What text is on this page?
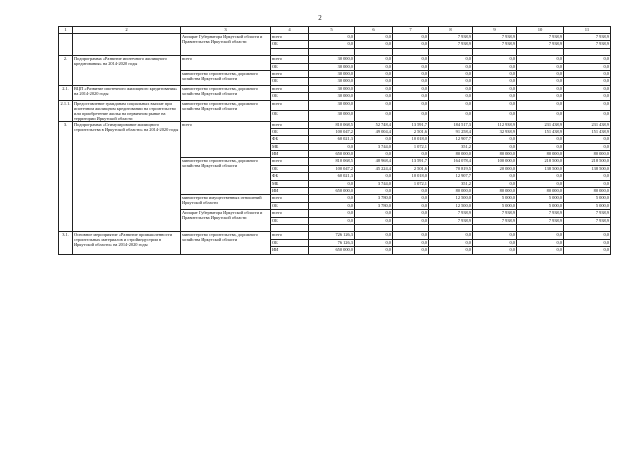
2
1	2	3	4	5	6	7	8	9	10	11
		Аппарат Губернатора Иркутской области и Правительства Иркутской области	всего	0,0	0,0	0,0	7 938,9	7 938,9	7 938,9	7 938,9
			ОБ	0,0	0,0	0,0	7 938,9	7 938,9	7 938,9	7 938,9

2.	Подпрограмма «Развитие ипотечного жилищного кредитования» на 2014-2020 годы	всего	всего	30 000,0	0,0	0,0	0,0	0,0	0,0	0,0
			ОБ	30 000,0	0,0	0,0	0,0	0,0	0,0	0,0
		министерство строительства, дорожного хозяйства Иркутской области	всего	30 000,0	0,0	0,0	0,0	0,0	0,0	0,0
			ОБ	30 000,0	0,0	0,0	0,0	0,0	0,0	0,0
2.1.	ВЦП «Развитие ипотечного жилищного кредитования» на 2014-2020 годы	министерство строительства, дорожного хозяйства Иркутской области	всего	30 000,0	0,0	0,0	0,0	0,0	0,0	0,0
			ОБ	30 000,0	0,0	0,0	0,0	0,0	0,0	0,0
2.1.1.	Предоставление гражданам социальных выплат при ипотечном жилищном кредитовании на строительство или приобретение жилья на первичном рынке на территории Иркутской области	министерство строительства, дорожного хозяйства Иркутской области	всего	30 000,0	0,0	0,0	0,0	0,0	0,0	0,0
			ОБ	30 000,0	0,0	0,0	0,0	0,0	0,0	0,0
3.	Подпрограмма «Стимулирование жилищного строительства в Иркутской области» на 2014-2020 годы	всего	всего	810 068,5	52 748,4	13 591,7	184 517,3	112 938,9	231 438,9	231 438,9
			ОБ	100 047,2	49 004,4	2 501,6	91 258,4	32 938,9	151 438,9	151 438,9
			ФБ	60 021,3	0,0	10 018,0	12 907,7	0,0	0,0	0,0
			МБ	0,0	3 744,0	1 072,1	351,2	0,0	0,0	0,0
			ИИ	650 000,0	0,0	0,0	80 000,0	80 000,0	80 000,0	80 000,0
		министерство строительства, дорожного хозяйства Иркутской области	всего	810 068,5	48 968,4	13 591,7	164 078,4	100 000,0	218 500,0	218 500,0
			ОБ	100 047,2	45 224,4	2 501,6	70 819,5	20 000,0	138 500,0	138 500,0
			ФБ	60 021,3	0,0	10 018,0	12 907,7	0,0	0,0	0,0
			МБ	0,0	3 744,0	1 072,1	351,2	0,0	0,0	0,0
			ИИ	650 000,0	0,0	0,0	80 000,0	80 000,0	80 000,0	80 000,0
		министерство имущественных отношений Иркутской области	всего	0,0	3 780,0	0,0	12 500,0	5 000,0	5 000,0	5 000,0
			ОБ	0,0	3 780,0	0,0	12 500,0	5 000,0	5 000,0	5 000,0
		Аппарат Губернатора Иркутской области и Правительства Иркутской области	всего	0,0	0,0	0,0	7 938,9	7 938,9	7 938,9	7 938,9
			ОБ	0,0	0,0	0,0	7 938,9	7 938,9	7 938,9	7 938,9

3.1.	Основное мероприятие «Развитие промышленности строительных материалов и стройиндустрии в Иркутской области» на 2014-2020 годы	министерство строительства, дорожного хозяйства Иркутской области	всего	726 126,3	0,0	0,0	0,0	0,0	0,0	0,0
			ОБ	76 126,3	0,0	0,0	0,0	0,0	0,0	0,0
			ИИ	650 000,0	0,0	0,0	0,0	0,0	0,0	0,0
